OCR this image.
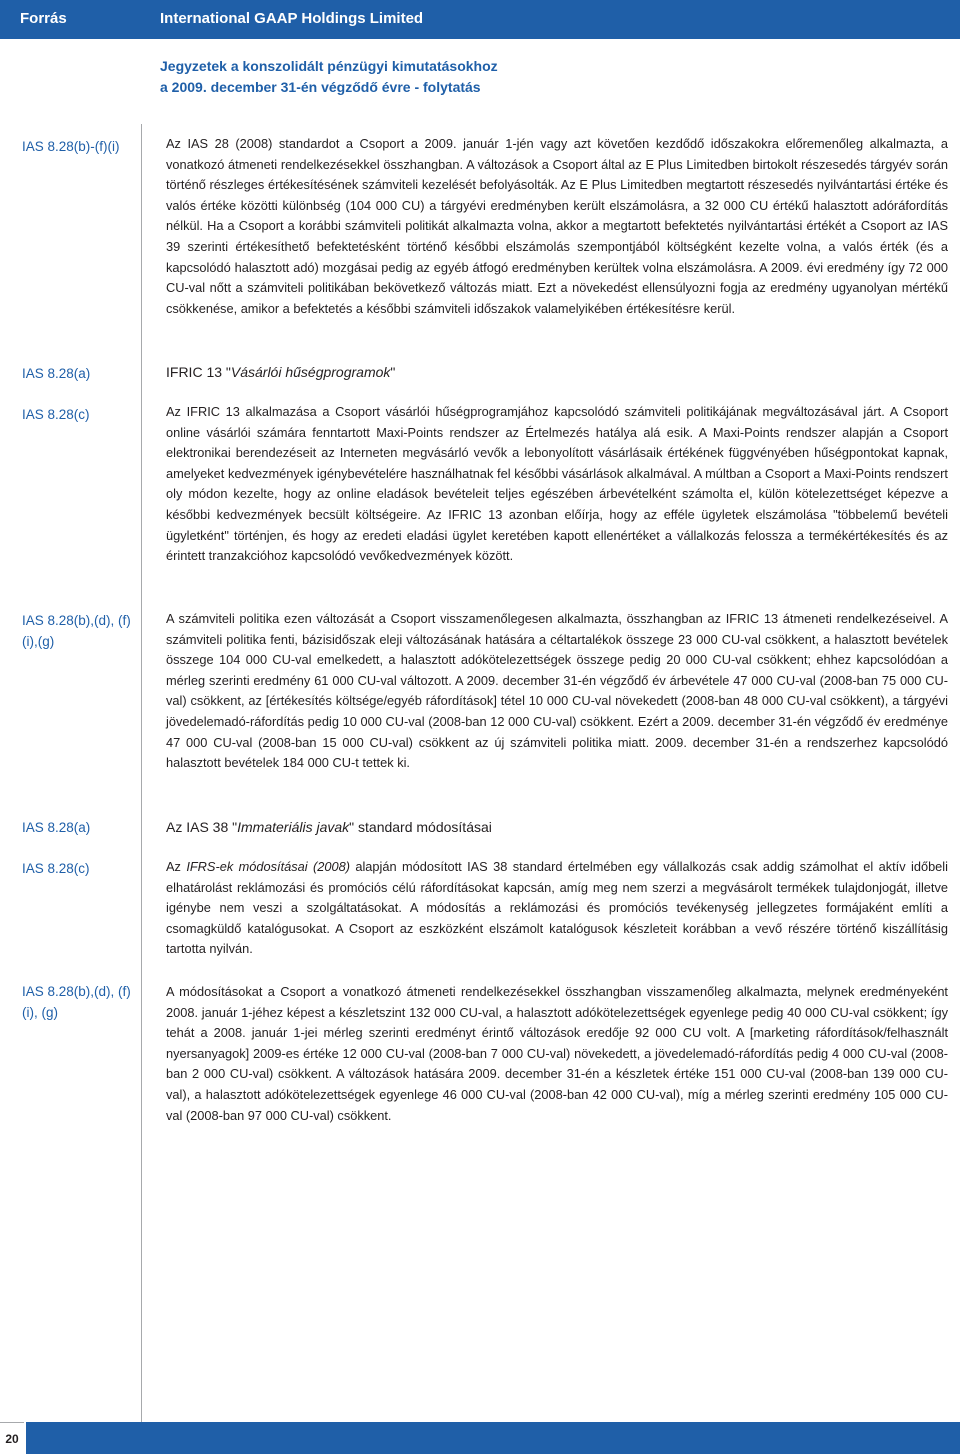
Forrás	International GAAP Holdings Limited
Jegyzetek a konszolidált pénzügyi kimutatásokhoz
a 2009. december 31-én végződő évre - folytatás
IAS 8.28(b)-(f)(i)
IAS 8.28(a)
IAS 8.28(c)
IAS 8.28(b),(d), (f) (i),(g)
IAS 8.28(a)
IAS 8.28(c)
IAS 8.28(b),(d), (f) (i), (g)
Az IAS 28 (2008) standardot a Csoport a 2009. január 1-jén vagy azt követően kezdődő időszakokra előremenőleg alkalmazta, a vonatkozó átmeneti rendelkezésekkel összhangban. A változások a Csoport által az E Plus Limitedben birtokolt részesedés tárgyév során történő részleges értékesítésének számviteli kezelését befolyásolták. Az E Plus Limitedben megtartott részesedés nyilvántartási értéke és valós értéke közötti különbség (104 000 CU) a tárgyévi eredményben került elszámolásra, a 32 000 CU értékű halasztott adóráfordítás nélkül. Ha a Csoport a korábbi számviteli politikát alkalmazta volna, akkor a megtartott befektetés nyilvántartási értékét a Csoport az IAS 39 szerinti értékesíthető befektetésként történő későbbi elszámolás szempontjából költségként kezelte volna, a valós érték (és a kapcsolódó halasztott adó) mozgásai pedig az egyéb átfogó eredményben kerültek volna elszámolásra. A 2009. évi eredmény így 72 000 CU-val nőtt a számviteli politikában bekövetkező változás miatt. Ezt a növekedést ellensúlyozni fogja az eredmény ugyanolyan mértékű csökkenése, amikor a befektetés a későbbi számviteli időszakok valamelyikében értékesítésre kerül.
IFRIC 13 "Vásárlói hűségprogramok"
Az IFRIC 13 alkalmazása a Csoport vásárlói hűségprogramjához kapcsolódó számviteli politikájának megváltozásával járt. A Csoport online vásárlói számára fenntartott Maxi-Points rendszer az Értelmezés hatálya alá esik. A Maxi-Points rendszer alapján a Csoport elektronikai berendezéseit az Interneten megvásárló vevők a lebonyolított vásárlásaik értékének függvényében hűségpontokat kapnak, amelyeket kedvezmények igénybevételére használhatnak fel későbbi vásárlások alkalmával. A múltban a Csoport a Maxi-Points rendszert oly módon kezelte, hogy az online eladások bevételeit teljes egészében árbevételként számolta el, külön kötelezettséget képezve a későbbi kedvezmények becsült költségeire. Az IFRIC 13 azonban előírja, hogy az efféle ügyletek elszámolása "többelemű bevételi ügyletként" történjen, és hogy az eredeti eladási ügylet keretében kapott ellenértéket a vállalkozás felossza a termékértékesítés és az érintett tranzakcióhoz kapcsolódó vevőkedvezmények között.
A számviteli politika ezen változását a Csoport visszamenőlegesen alkalmazta, összhangban az IFRIC 13 átmeneti rendelkezéseivel. A számviteli politika fenti, bázisidőszak eleji változásának hatására a céltartalékok összege 23 000 CU-val csökkent, a halasztott bevételek összege 104 000 CU-val emelkedett, a halasztott adókötelezettségek összege pedig 20 000 CU-val csökkent; ehhez kapcsolódóan a mérleg szerinti eredmény 61 000 CU-val változott. A 2009. december 31-én végződő év árbevétele 47 000 CU-val (2008-ban 75 000 CU-val) csökkent, az [értékesítés költsége/egyéb ráfordítások] tétel 10 000 CU-val növekedett (2008-ban 48 000 CU-val csökkent), a tárgyévi jövedelemadó-ráfordítás pedig 10 000 CU-val (2008-ban 12 000 CU-val) csökkent. Ezért a 2009. december 31-én végződő év eredménye 47 000 CU-val (2008-ban 15 000 CU-val) csökkent az új számviteli politika miatt. 2009. december 31-én a rendszerhez kapcsolódó halasztott bevételek 184 000 CU-t tettek ki.
Az IAS 38 "Immateriális javak" standard módosításai
Az IFRS-ek módosításai (2008) alapján módosított IAS 38 standard értelmében egy vállalkozás csak addig számolhat el aktív időbeli elhatárolást reklámozási és promóciós célú ráfordításokat kapcsán, amíg meg nem szerzi a megvásárolt termékek tulajdonjogát, illetve igénybe nem veszi a szolgáltatásokat. A módosítás a reklámozási és promóciós tevékenység jellegzetes formájaként említi a csomagküldő katalógusokat. A Csoport az eszközként elszámolt katalógusok készleteit korábban a vevő részére történő kiszállításig tartotta nyilván.
A módosításokat a Csoport a vonatkozó átmeneti rendelkezésekkel összhangban visszamenőleg alkalmazta, melynek eredményeként 2008. január 1-jéhez képest a készletszint 132 000 CU-val, a halasztott adókötelezettségek egyenlege pedig 40 000 CU-val csökkent; így tehát a 2008. január 1-jei mérleg szerinti eredményt érintő változások eredője 92 000 CU volt. A [marketing ráfordítások/felhasznált nyersanyagok] 2009-es értéke 12 000 CU-val (2008-ban 7 000 CU-val) növekedett, a jövedelemadó-ráfordítás pedig 4 000 CU-val (2008-ban 2 000 CU-val) csökkent. A változások hatására 2009. december 31-én a készletek értéke 151 000 CU-val (2008-ban 139 000 CU-val), a halasztott adókötelezettségek egyenlege 46 000 CU-val (2008-ban 42 000 CU-val), míg a mérleg szerinti eredmény 105 000 CU-val (2008-ban 97 000 CU-val) csökkent.
20
